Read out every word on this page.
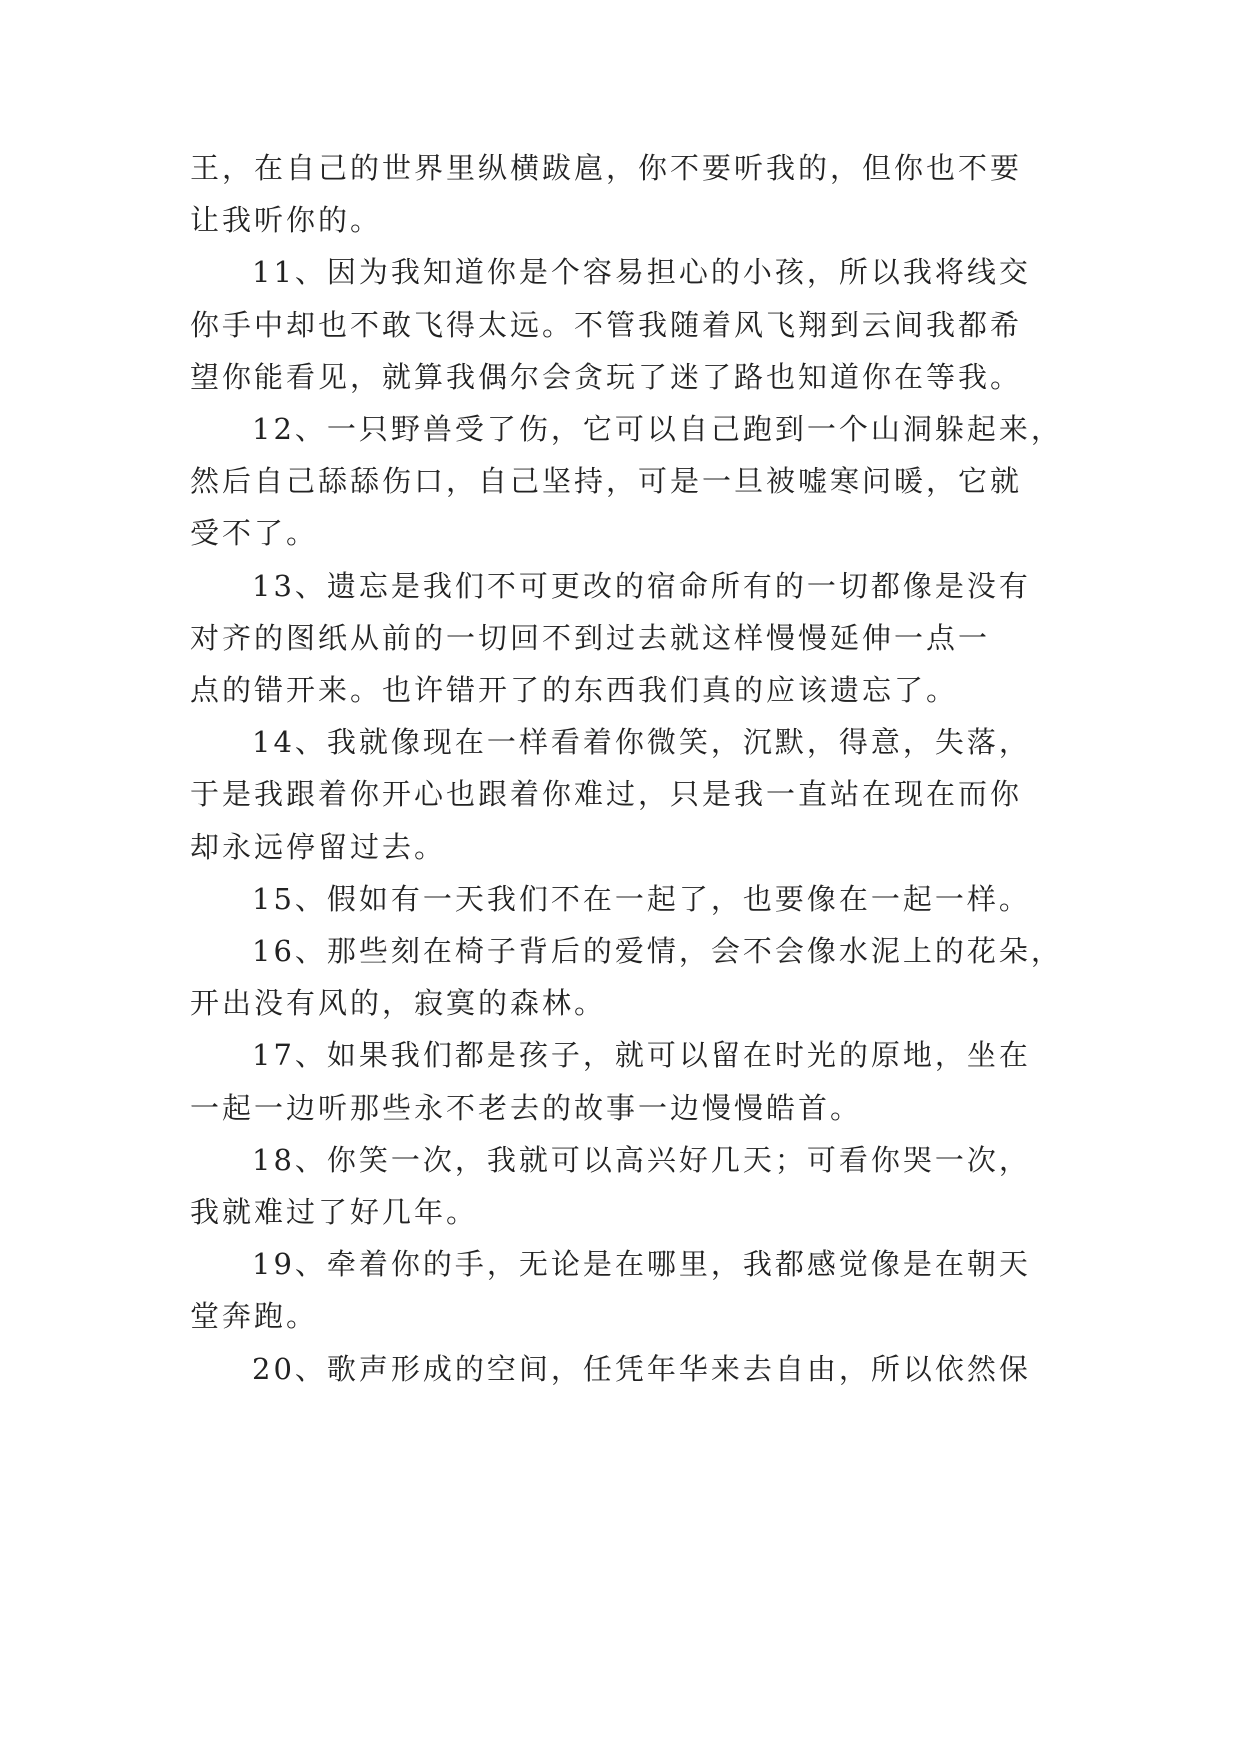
王，在自己的世界里纵横跋扈，你不要听我的，但你也不要
让我听你的。
11、因为我知道你是个容易担心的小孩，所以我将线交
你手中却也不敢飞得太远。不管我随着风飞翔到云间我都希
望你能看见，就算我偶尔会贪玩了迷了路也知道你在等我。
12、一只野兽受了伤，它可以自己跑到一个山洞躲起来，
然后自己舔舔伤口，自己坚持，可是一旦被嘘寒问暖，它就
受不了。
13、遗忘是我们不可更改的宿命所有的一切都像是没有
对齐的图纸从前的一切回不到过去就这样慢慢延伸一点一
点的错开来。也许错开了的东西我们真的应该遗忘了。
14、我就像现在一样看着你微笑，沉默，得意，失落，
于是我跟着你开心也跟着你难过，只是我一直站在现在而你
却永远停留过去。
15、假如有一天我们不在一起了，也要像在一起一样。
16、那些刻在椅子背后的爱情，会不会像水泥上的花朵，
开出没有风的，寂寞的森林。
17、如果我们都是孩子，就可以留在时光的原地，坐在
一起一边听那些永不老去的故事一边慢慢皓首。
18、你笑一次，我就可以高兴好几天；可看你哭一次，
我就难过了好几年。
19、牵着你的手，无论是在哪里，我都感觉像是在朝天
堂奔跑。
20、歌声形成的空间，任凭年华来去自由，所以依然保
